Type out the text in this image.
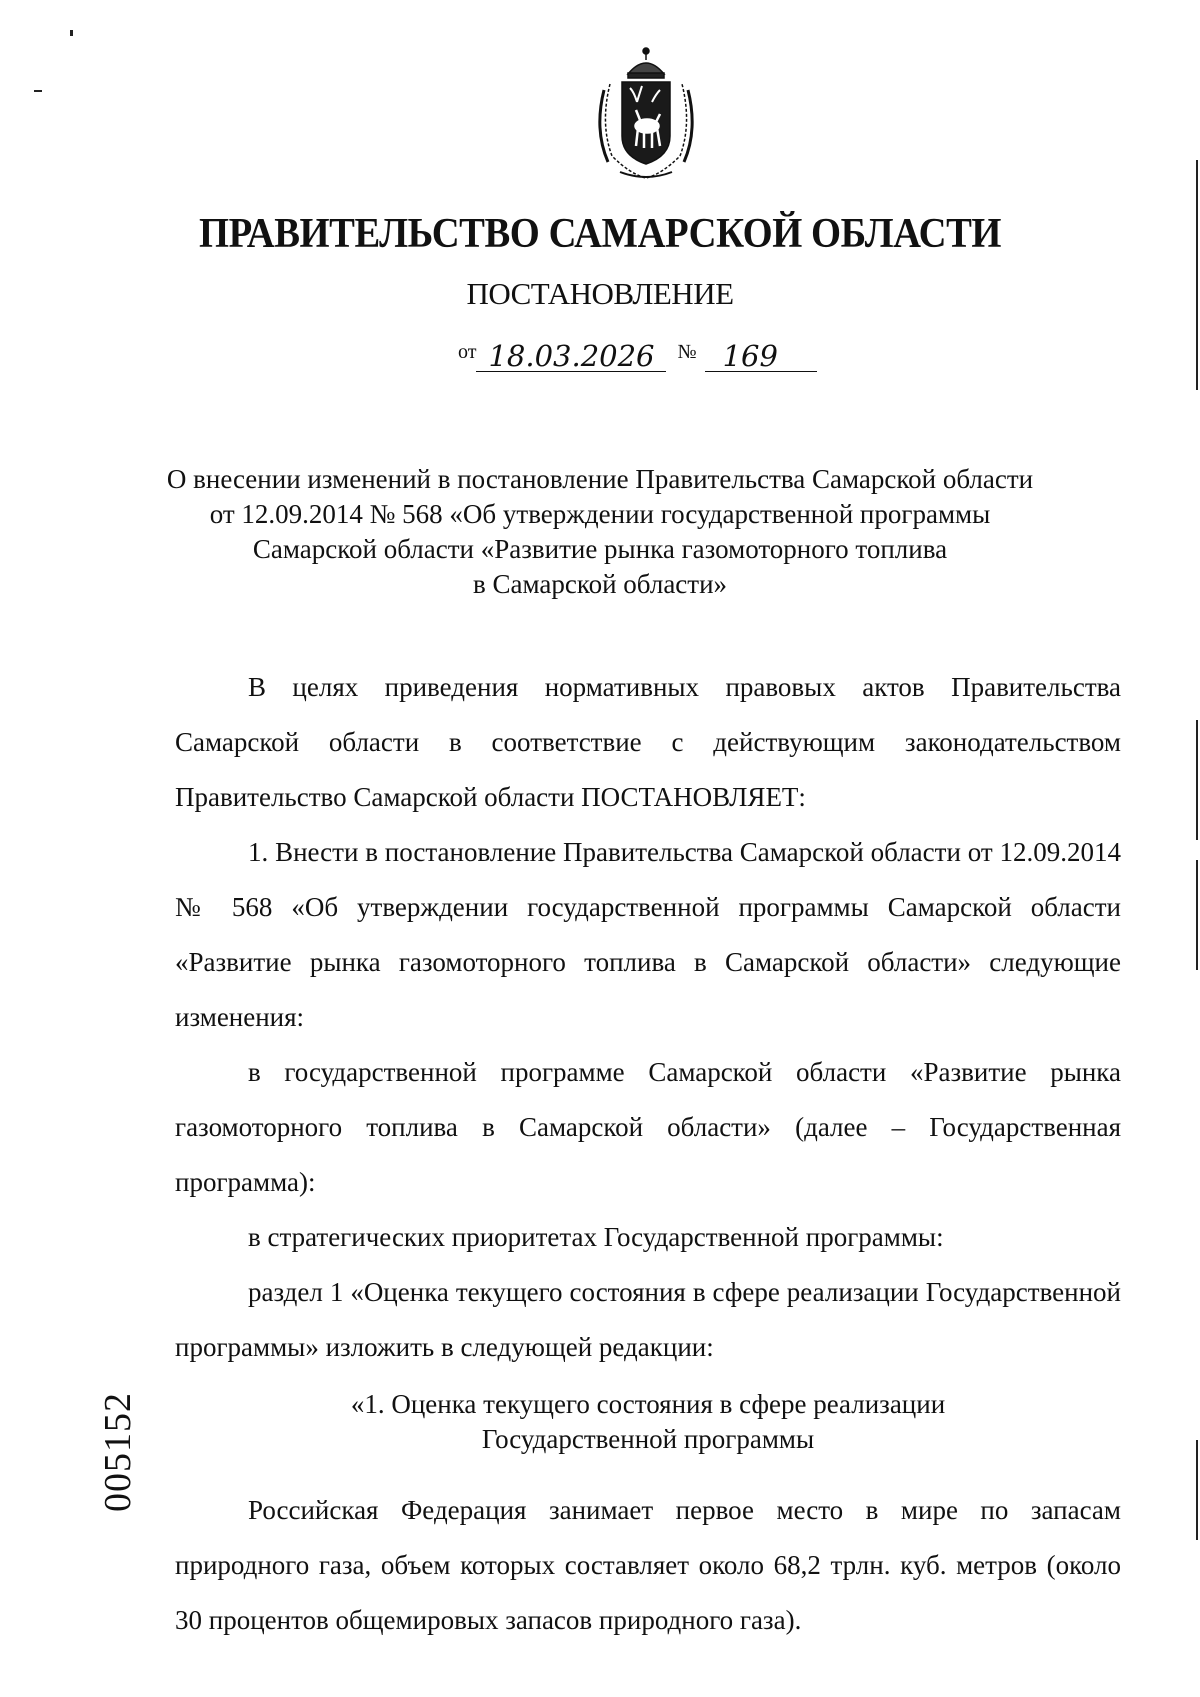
ПРАВИТЕЛЬСТВО САМАРСКОЙ ОБЛАСТИ
ПОСТАНОВЛЕНИЕ
от 18.03.2026 № 169
О внесении изменений в постановление Правительства Самарской области
от 12.09.2014 № 568 «Об утверждении государственной программы
Самарской области «Развитие рынка газомоторного топлива
в Самарской области»

В целях приведения нормативных правовых актов Правительства Самарской области в соответствие с действующим законодательством Правительство Самарской области ПОСТАНОВЛЯЕТ:

1. Внести в постановление Правительства Самарской области от 12.09.2014 № 568 «Об утверждении государственной программы Самарской области «Развитие рынка газомоторного топлива в Самарской области» следующие изменения:

в государственной программе Самарской области «Развитие рынка газомоторного топлива в Самарской области» (далее – Государственная программа):

в стратегических приоритетах Государственной программы:

раздел 1 «Оценка текущего состояния в сфере реализации Государственной программы» изложить в следующей редакции:

«1. Оценка текущего состояния в сфере реализации
Государственной программы

Российская Федерация занимает первое место в мире по запасам природного газа, объем которых составляет около 68,2 трлн. куб. метров (около 30 процентов общемировых запасов природного газа).

005152
